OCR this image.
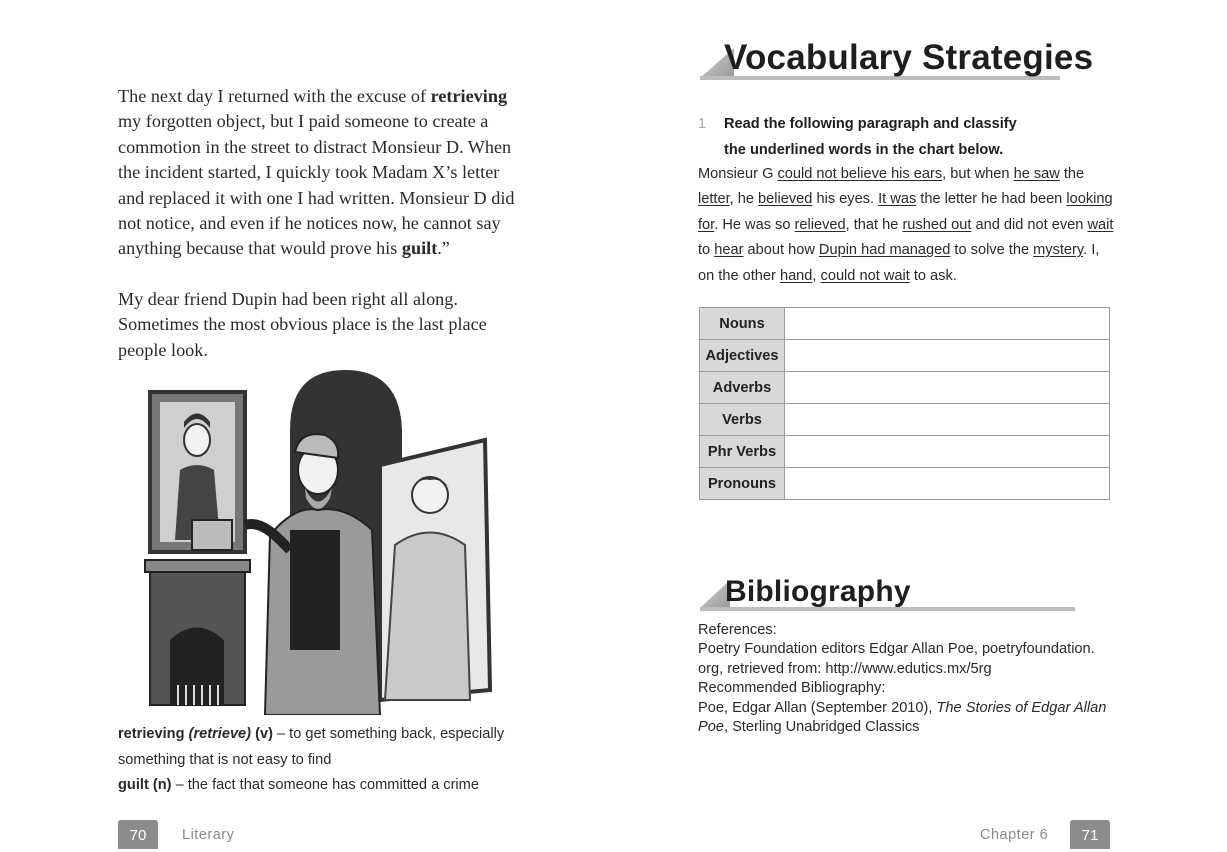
The next day I returned with the excuse of retrieving my forgotten object, but I paid someone to create a commotion in the street to distract Monsieur D. When the incident started, I quickly took Madam X’s letter and replaced it with one I had written. Monsieur D did not notice, and even if he notices now, he cannot say anything because that would prove his guilt.”

My dear friend Dupin had been right all along. Sometimes the most obvious place is the last place people look.

retrieving (retrieve) (v) – to get something back, especially something that is not easy to find
guilt (n) – the fact that someone has committed a crime
70	Literary
Vocabulary Strategies
1 Read the following paragraph and classify
the underlined words in the chart below.
Monsieur G could not believe his ears, but when he saw the letter, he believed his eyes. It was the letter he had been looking for. He was so relieved, that he rushed out and did not even wait to hear about how Dupin had managed to solve the mystery. I, on the other hand, could not wait to ask.
Nouns	
Adjectives	
Adverbs	
Verbs	
Phr Verbs	
Pronouns	
Bibliography
References:
Poetry Foundation editors Edgar Allan Poe, poetryfoundation. org, retrieved from: http://www.edutics.mx/5rg
Recommended Bibliography:
Poe, Edgar Allan (September 2010), The Stories of Edgar Allan Poe, Sterling Unabridged Classics
Chapter 6	71
